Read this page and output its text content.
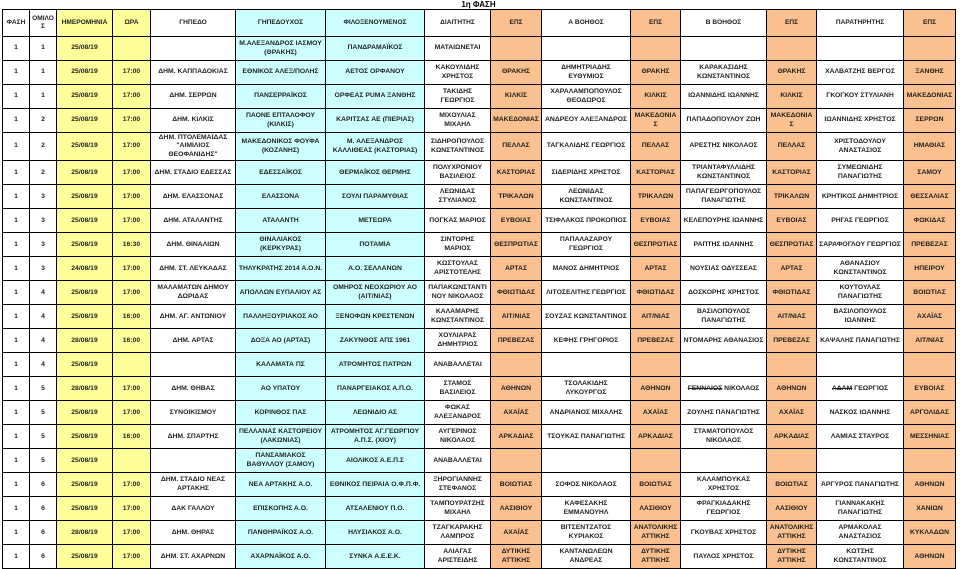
1η ΦΑΣΗ
ΦΑΣΗ	ΟΜΙΛΟΣ	ΗΜΕΡΟΜΗΝΙΑ	ΩΡΑ	ΓΗΠΕΔΟ	ΓΗΠΕΔΟΥΧΟΣ	ΦΙΛΟΞΕΝΟΥΜΕΝΟΣ	ΔΙΑΙΤΗΤΗΣ	ΕΠΣ	Α ΒΟΗΘΟΣ	ΕΠΣ	Β ΒΟΗΘΟΣ	ΕΠΣ	ΠΑΡΑΤΗΡΗΤΗΣ	ΕΠΣ
1	1	25/08/19			Μ.ΑΛΕΞΑΝΔΡΟΣ ΙΑΣΜΟΥ (ΘΡΑΚΗΣ)	ΠΑΝΔΡΑΜΑΪΚΟΣ	ΜΑΤΑΙΩΝΕΤΑΙ							
1	1	25/08/19	17:00	ΔΗΜ. ΚΑΠΠΑΔΟΚΙΑΣ	ΕΘΝΙΚΟΣ ΑΛΕΞ/ΠΟΛΗΣ	ΑΕΤΟΣ ΟΡΦΑΝΟΥ	ΚΑΚΟΥΛΙΔΗΣ ΧΡΗΣΤΟΣ	ΘΡΑΚΗΣ	ΔΗΜΗΤΡΙΑΔΗΣ ΕΥΘΥΜΙΟΣ	ΘΡΑΚΗΣ	ΚΑΡΑΚΑΣΙΔΗΣ ΚΩΝΣΤΑΝΤΙΝΟΣ	ΘΡΑΚΗΣ	ΧΑΛΒΑΤΖΗΣ ΒΕΡΓΟΣ	ΞΑΝΘΗΣ
1	1	25/08/19	17:00	ΔΗΜ. ΣΕΡΡΩΝ	ΠΑΝΣΕΡΡΑΪΚΟΣ	ΟΡΦΕΑΣ PUMA ΞΑΝΘΗΣ	ΤΑΚΙΔΗΣ ΓΕΩΡΓΙΟΣ	ΚΙΛΚΙΣ	ΧΑΡΑΛΑΜΠΟΠΟΥΛΟΣ ΘΕΟΔΩΡΟΣ	ΚΙΛΚΙΣ	ΙΩΑΝΝΙΔΗΣ ΙΩΑΝΝΗΣ	ΚΙΛΚΙΣ	ΓΚΟΓΚΟΥ ΣΤΥΛΙΑΝΗ	ΜΑΚΕΔΟΝΙΑΣ
1	2	25/08/19	17:00	ΔΗΜ. ΚΙΛΚΙΣ	ΠΑΟΝΕ ΕΠΤΑΛΟΦΟΥ (ΚΙΛΚΙΣ)	ΚΑΡΙΤΣΑΣ ΑΕ (ΠΙΕΡΙΑΣ)	ΜΙΧΟΥΛΙΑΣ ΜΙΧΑΗΛ	ΜΑΚΕΔΟΝΙΑΣ	ΑΝΔΡΕΟΥ ΑΛΕΞΑΝΔΡΟΣ	ΜΑΚΕΔΟΝΙΑΣ	ΠΑΠΑΔΟΠΟΥΛΟΥ ΖΩΗ	ΜΑΚΕΔΟΝΙΑΣ	ΙΩΑΝΝΙΔΗΣ ΧΡΗΣΤΟΣ	ΣΕΡΡΩΝ
1	2	25/08/19	17:00	ΔΗΜ. ΠΤΟΛΕΜΑΪΔΑΣ "ΑΙΜΙΛΙΟΣ ΘΕΟΦΑΝΙΔΗΣ"	ΜΑΚΕΔΟΝΙΚΟΣ ΦΟΥΦΑ (ΚΟΖΑΝΗΣ)	Μ. ΑΛΕΞΑΝΔΡΟΣ ΚΑΛΛΙΘΕΑΣ (ΚΑΣΤΟΡΙΑΣ)	ΣΙΔΗΡΟΠΟΥΛΟΣ ΚΩΝΣΤΑΝΤΙΝΟΣ	ΠΕΛΛΑΣ	ΤΑΓΚΑΛΙΔΗΣ ΓΕΩΡΓΙΟΣ	ΠΕΛΛΑΣ	ΑΡΕΣΤΗΣ ΝΙΚΟΛΑΟΣ	ΠΕΛΛΑΣ	ΧΡΙΣΤΟΔΟΥΛΟΥ ΑΝΑΣΤΑΣΙΟΣ	ΗΜΑΘΙΑΣ
1	2	25/08/19	17:00	ΔΗΜ. ΣΤΑΔΙΟ ΕΔΕΣΣΑΣ	ΕΔΕΣΣΑΪΚΟΣ	ΘΕΡΜΑΪΚΟΣ ΘΕΡΜΗΣ	ΠΟΛΥΧΡΟΝΙΟΥ ΒΑΣΙΛΕΙΟΣ	ΚΑΣΤΟΡΙΑΣ	ΣΙΔΕΡΙΔΗΣ ΧΡΗΣΤΟΣ	ΚΑΣΤΟΡΙΑΣ	ΤΡΙΑΝΤΑΦΥΛΛΙΔΗΣ ΚΩΝΣΤΑΝΤΙΝΟΣ	ΚΑΣΤΟΡΙΑΣ	ΣΥΜΕΩΝΙΔΗΣ ΠΑΝΑΓΙΩΤΗΣ	ΣΑΜΟΥ
1	3	25/08/19	17:00	ΔΗΜ. ΕΛΑΣΣΟΝΑΣ	ΕΛΑΣΣΟΝΑ	ΣΟΥΛΙ ΠΑΡΑΜΥΘΙΑΣ	ΛΕΩΝΙΔΑΣ ΣΤΥΛΙΑΝΟΣ	ΤΡΙΚΑΛΩΝ	ΛΕΩΝΙΔΑΣ ΚΩΝΣΤΑΝΤΙΝΟΣ	ΤΡΙΚΑΛΩΝ	ΠΑΠΑΓΕΩΡΓΟΠΟΥΛΟΣ ΠΑΝΑΓΙΩΤΗΣ	ΤΡΙΚΑΛΩΝ	ΚΡΗΤΙΚΟΣ ΔΗΜΗΤΡΙΟΣ	ΘΕΣΣΑΛΙΑΣ
1	3	25/08/19	17:00	ΔΗΜ. ΑΤΑΛΑΝΤΗΣ	ΑΤΑΛΑΝΤΗ	ΜΕΤΕΩΡΑ	ΠΟΓΚΑΣ ΜΑΡΙΟΣ	ΕΥΒΟΙΑΣ	ΤΣΙΦΛΑΚΟΣ ΠΡΟΚΟΠΙΟΣ	ΕΥΒΟΙΑΣ	ΚΕΛΕΠΟΥΡΗΣ ΙΩΑΝΝΗΣ	ΕΥΒΟΙΑΣ	ΡΗΓΑΣ ΓΕΩΡΓΙΟΣ	ΦΩΚΙΔΑΣ
1	3	25/08/19	16:30	ΔΗΜ. ΘΙΝΑΛΙΩΝ	ΘΙΝΑΛΙΑΚΟΣ (ΚΕΡΚΥΡΑΣ)	ΠΟΤΑΜΙΑ	ΣΙΝΤΟΡΗΣ ΜΑΡΙΟΣ	ΘΕΣΠΡΩΤΙΑΣ	ΠΑΠΑΛΑΖΑΡΟΥ ΓΕΩΡΓΙΟΣ	ΘΕΣΠΡΩΤΙΑΣ	ΡΑΠΤΗΣ ΙΩΑΝΝΗΣ	ΘΕΣΠΡΩΤΙΑΣ	ΣΑΡΑΦΟΓΛΟΥ ΓΕΩΡΓΙΟΣ	ΠΡΕΒΕΖΑΣ
1	3	24/08/19	17:00	ΔΗΜ. ΣΤ. ΛΕΥΚΑΔΑΣ	ΤΗΛΥΚΡΑΤΗΣ 2014 Α.Ο.Ν.	Α.Ο. ΣΕΛΛΑΝΩΝ	ΚΩΣΤΟΥΛΑΣ ΑΡΙΣΤΟΤΕΛΗΣ	ΑΡΤΑΣ	ΜΑΝΟΣ ΔΗΜΗΤΡΙΟΣ	ΑΡΤΑΣ	ΝΟΥΣΙΑΣ ΟΔΥΣΣΕΑΣ	ΑΡΤΑΣ	ΑΘΑΝΑΣΙΟΥ ΚΩΝΣΤΑΝΤΙΝΟΣ	ΗΠΕΙΡΟΥ
1	4	25/08/19	17:00	ΜΑΛΑΜΑΤΩΝ ΔΗΜΟΥ ΔΩΡΙΔΑΣ	ΑΠΟΛΛΩΝ ΕΥΠΑΛΙΟΥ ΑΣ	ΟΜΗΡΟΣ ΝΕΟΧΩΡΙΟΥ ΑΟ (ΑΙΤ/ΝΙΑΣ)	ΠΑΠΑΚΩΝΣΤΑΝΤΙΝΟΥ ΝΙΚΟΛΑΟΣ	ΦΘΙΩΤΙΔΑΣ	ΛΙΤΟΣΕΛΙΤΗΣ ΓΕΩΡΓΙΟΣ	ΦΘΙΩΤΙΔΑΣ	ΔΟΣΚΟΡΗΣ ΧΡΗΣΤΟΣ	ΦΘΙΩΤΙΔΑΣ	ΚΟΥΤΟΥΛΑΣ ΠΑΝΑΓΙΩΤΗΣ	ΒΟΙΩΤΙΑΣ
1	4	25/08/19	16:00	ΔΗΜ. ΑΓ. ΑΝΤΩΝΙΟΥ	ΠΑΛΛΗΞΟΥΡΙΑΚΟΣ ΑΟ	ΞΕΝΟΦΩΝ ΚΡΕΣΤΕΝΩΝ	ΚΑΛΑΜΑΡΗΣ ΚΩΝΣΤΑΝΤΙΝΟΣ	ΑΙΤ/ΝΙΑΣ	ΣΟΥΖΑΣ ΚΩΝΣΤΑΝΤΙΝΟΣ	ΑΙΤ/ΝΙΑΣ	ΒΑΣΙΛΟΠΟΥΛΟΣ ΠΑΝΑΓΙΩΤΗΣ	ΑΙΤ/ΝΙΑΣ	ΒΑΣΙΛΟΠΟΥΛΟΣ ΙΩΑΝΝΗΣ	ΑΧΑΪΑΣ
1	4	28/08/19	16:00	ΔΗΜ. ΑΡΤΑΣ	ΔΟΞΑ ΑΟ (ΑΡΤΑΣ)	ΖΑΚΥΝΘΟΣ ΑΠΣ 1961	ΧΟΥΛΙΑΡΑΣ ΔΗΜΗΤΡΙΟΣ	ΠΡΕΒΕΖΑΣ	ΚΕΦΗΣ ΓΡΗΓΟΡΙΟΣ	ΠΡΕΒΕΖΑΣ	ΝΤΟΜΑΡΗΣ ΑΘΑΝΑΣΙΟΣ	ΠΡΕΒΕΖΑΣ	ΚΑΨΑΛΗΣ ΠΑΝΑΓΙΩΤΗΣ	ΑΙΤ/ΝΙΑΣ
1	4	25/08/19			ΚΑΛΑΜΑΤΑ ΠΣ	ΑΤΡΟΜΗΤΟΣ ΠΑΤΡΩΝ	ΑΝΑΒΑΛΛΕΤΑΙ							
1	5	28/08/19	17:00	ΔΗΜ. ΘΗΒΑΣ	ΑΟ ΥΠΑΤΟΥ	ΠΑΝΑΡΓΕΙΑΚΟΣ Α.Π.Ο.	ΣΤΑΜΟΣ ΒΑΣΙΛΕΙΟΣ	ΑΘΗΝΩΝ	ΤΣΟΛΑΚΙΔΗΣ ΛΥΚΟΥΡΓΟΣ	ΑΘΗΝΩΝ	ΓΕΝΝΑΙΟΣ ΝΙΚΟΛΑΟΣ	ΑΘΗΝΩΝ	ΑΔΑΜ ΓΕΩΡΓΙΟΣ	ΕΥΒΟΙΑΣ
1	5	25/08/19	17:00	ΣΥΝΟΙΚΙΣΜΟΥ	ΚΟΡΙΝΘΟΣ ΠΑΣ	ΛΕΩΝΙΔΙΟ ΑΣ	ΦΩΚΑΣ ΑΛΕΞΑΝΔΡΟΣ	ΑΧΑΪΑΣ	ΑΝΔΡΙΑΝΟΣ ΜΙΧΑΛΗΣ	ΑΧΑΪΑΣ	ΖΟΥΛΗΣ ΠΑΝΑΓΙΩΤΗΣ	ΑΧΑΪΑΣ	ΝΑΣΚΟΣ ΙΩΑΝΝΗΣ	ΑΡΓΟΛΙΔΑΣ
1	5	25/08/19	16:00	ΔΗΜ. ΣΠΑΡΤΗΣ	ΠΕΛΛΑΝΑΣ ΚΑΣΤΟΡΕΙΟΥ (ΛΑΚΩΝΙΑΣ)	ΑΤΡΟΜΗΤΟΣ ΑΓ.ΓΕΩΡΓΙΟΥ Α.Π.Σ. (ΧΙΟΥ)	ΑΥΓΕΡΙΝΟΣ ΝΙΚΟΛΑΟΣ	ΑΡΚΑΔΙΑΣ	ΤΣΟΥΚΑΣ ΠΑΝΑΓΙΩΤΗΣ	ΑΡΚΑΔΙΑΣ	ΣΤΑΜΑΤΟΠΟΥΛΟΣ ΝΙΚΟΛΑΟΣ	ΑΡΚΑΔΙΑΣ	ΛΑΜΙΑΣ ΣΤΑΥΡΟΣ	ΜΕΣΣΗΝΙΑΣ
1	5	25/08/19			ΠΑΝΣΑΜΙΑΚΟΣ ΒΑΘΥΛΛΟΥ (ΣΑΜΟΥ)	ΑΙΟΛΙΚΟΣ Α.Ε.Π.Σ	ΑΝΑΒΑΛΛΕΤΑΙ							
1	6	25/08/19	17:00	ΔΗΜ. ΣΤΑΔΙΟ ΝΕΑΣ ΑΡΤΑΚΗΣ	ΝΕΑ ΑΡΤΑΚΗΣ Α.Ο.	ΕΘΝΙΚΟΣ ΠΕΙΡΑΙΑ Ο.Φ.Π.Φ.	ΞΗΡΟΓΙΑΝΝΗΣ ΣΤΕΦΑΝΟΣ	ΒΟΙΩΤΙΑΣ	ΣΟΦΟΣ ΝΙΚΟΛΑΟΣ	ΒΟΙΩΤΙΑΣ	ΚΑΛΑΜΠΟΥΚΑΣ ΧΡΗΣΤΟΣ	ΒΟΙΩΤΙΑΣ	ΑΡΓΥΡΟΣ ΠΑΝΑΓΙΩΤΗΣ	ΑΘΗΝΩΝ
1	6	25/08/19	17:00	ΔΑΚ ΓΑΛΛΟΥ	ΕΠΙΣΚΟΠΗΣ Α.Ο.	ΑΤΣΑΛΕΝΙΟΥ Π.Ο.	ΤΑΜΠΟΥΡΑΤΖΗΣ ΜΙΧΑΗΛ	ΛΑΣΙΘΙΟΥ	ΚΑΦΕΣΑΚΗΣ ΕΜΜΑΝΟΥΗΛ	ΛΑΣΙΘΙΟΥ	ΦΡΑΓΚΙΑΔΑΚΗΣ ΓΕΩΡΓΙΟΣ	ΛΑΣΙΘΙΟΥ	ΓΙΑΝΝΑΚΑΚΗΣ ΠΑΝΑΓΙΩΤΗΣ	ΧΑΝΙΩΝ
1	6	28/08/19	17:00	ΔΗΜ. ΘΗΡΑΣ	ΠΑΝΘΗΡΑΪΚΟΣ Α.Ο.	ΗΛΥΣΙΑΚΟΣ Α.Ο.	ΤΖΑΓΚΑΡΑΚΗΣ ΛΑΜΠΡΟΣ	ΑΧΑΪΑΣ	ΒΙΤΣΕΝΤΖΑΤΟΣ ΚΥΡΙΑΚΟΣ	ΑΝΑΤΟΛΙΚΗΣ ΑΤΤΙΚΗΣ	ΓΚΟΥΒΑΣ ΧΡΗΣΤΟΣ	ΑΝΑΤΟΛΙΚΗΣ ΑΤΤΙΚΗΣ	ΑΡΜΑΚΟΛΑΣ ΑΝΑΣΤΑΣΙΟΣ	ΚΥΚΛΑΔΩΝ
1	6	25/08/19	17:00	ΔΗΜ. ΣΤ. ΑΧΑΡΝΩΝ	ΑΧΑΡΝΑΪΚΟΣ Α.Ο.	ΣΥΝΚΑ Α.Ε.Ε.Κ.	ΑΛΙΑΓΑΣ ΑΡΙΣΤΕΙΔΗΣ	ΔΥΤΙΚΗΣ ΑΤΤΙΚΗΣ	ΚΑΝΤΑΝΩΛΕΩΝ ΑΝΔΡΕΑΣ	ΔΥΤΙΚΗΣ ΑΤΤΙΚΗΣ	ΠΑΥΛΟΣ ΧΡΗΣΤΟΣ	ΔΥΤΙΚΗΣ ΑΤΤΙΚΗΣ	ΚΩΤΣΗΣ ΚΩΝΣΤΑΝΤΙΝΟΣ	ΑΘΗΝΩΝ
